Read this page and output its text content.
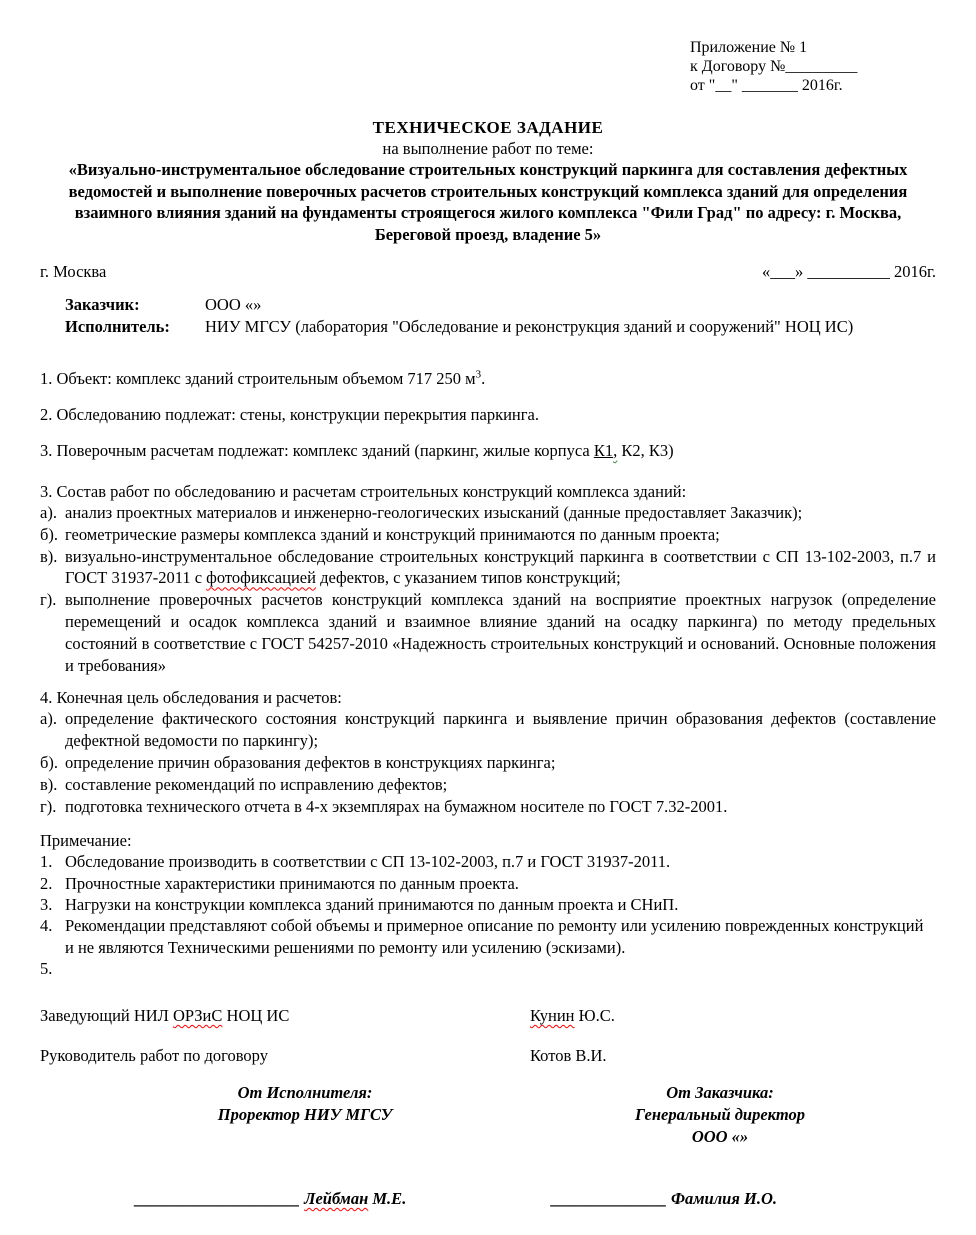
Приложение № 1
к Договору №_________
от "__" _______ 2016г.
ТЕХНИЧЕСКОЕ ЗАДАНИЕ
на выполнение работ по теме:
«Визуально-инструментальное обследование строительных конструкций паркинга для составления дефектных
ведомостей и выполнение поверочных расчетов строительных конструкций комплекса зданий для определения
взаимного влияния зданий на фундаменты строящегося жилого комплекса "Фили Град" по адресу: г. Москва,
Береговой проезд, владение 5»
г. Москва	«___» __________ 2016г.
Заказчик:	ООО «»
Исполнитель:	НИУ МГСУ (лаборатория "Обследование и реконструкция зданий и сооружений" НОЦ ИС)
1. Объект: комплекс зданий строительным объемом 717 250 $м^3$.
2. Обследованию подлежат: стены, конструкции перекрытия паркинга.
3. Поверочным расчетам подлежат: комплекс зданий (паркинг, жилые корпуса К1, К2, К3)
3. Состав работ по обследованию и расчетам строительных конструкций комплекса зданий:
а). анализ проектных материалов и инженерно-геологических изысканий (данные предоставляет Заказчик);
б). геометрические размеры комплекса зданий и конструкций принимаются по данным проекта;
в). визуально-инструментальное обследование строительных конструкций паркинга в соответствии с СП 13-102-2003, п.7 и ГОСТ 31937-2011 с фотофиксацией дефектов, с указанием типов конструкций;
г). выполнение проверочных расчетов конструкций комплекса зданий на восприятие проектных нагрузок (определение перемещений и осадок комплекса зданий и взаимное влияние зданий на осадку паркинга) по методу предельных состояний в соответствие с ГОСТ 54257-2010 «Надежность строительных конструкций и оснований. Основные положения и требования»
4. Конечная цель обследования и расчетов:
а). определение фактического состояния конструкций паркинга и выявление причин образования дефектов (составление дефектной ведомости по паркингу);
б). определение причин образования дефектов в конструкциях паркинга;
в). составление рекомендаций по исправлению дефектов;
г). подготовка технического отчета в 4-х экземплярах на бумажном носителе по ГОСТ 7.32-2001.
Примечание:
1. Обследование производить в соответствии с СП 13-102-2003, п.7 и ГОСТ 31937-2011.
2. Прочностные характеристики принимаются по данным проекта.
3. Нагрузки на конструкции комплекса зданий принимаются по данным проекта и СНиП.
4. Рекомендации представляют собой объемы и примерное описание по ремонту или усилению поврежденных конструкций и не являются Техническими решениями по ремонту или усилению (эскизами).
5.
Заведующий НИЛ ОРЗиС НОЦ ИС	Кунин Ю.С.
Руководитель работ по договору	Котов В.И.
От Исполнителя:
Проректор НИУ МГСУ
От Заказчика:
Генеральный директор
ООО «»
____________________ Лейбман М.Е.	______________ Фамилия И.О.
